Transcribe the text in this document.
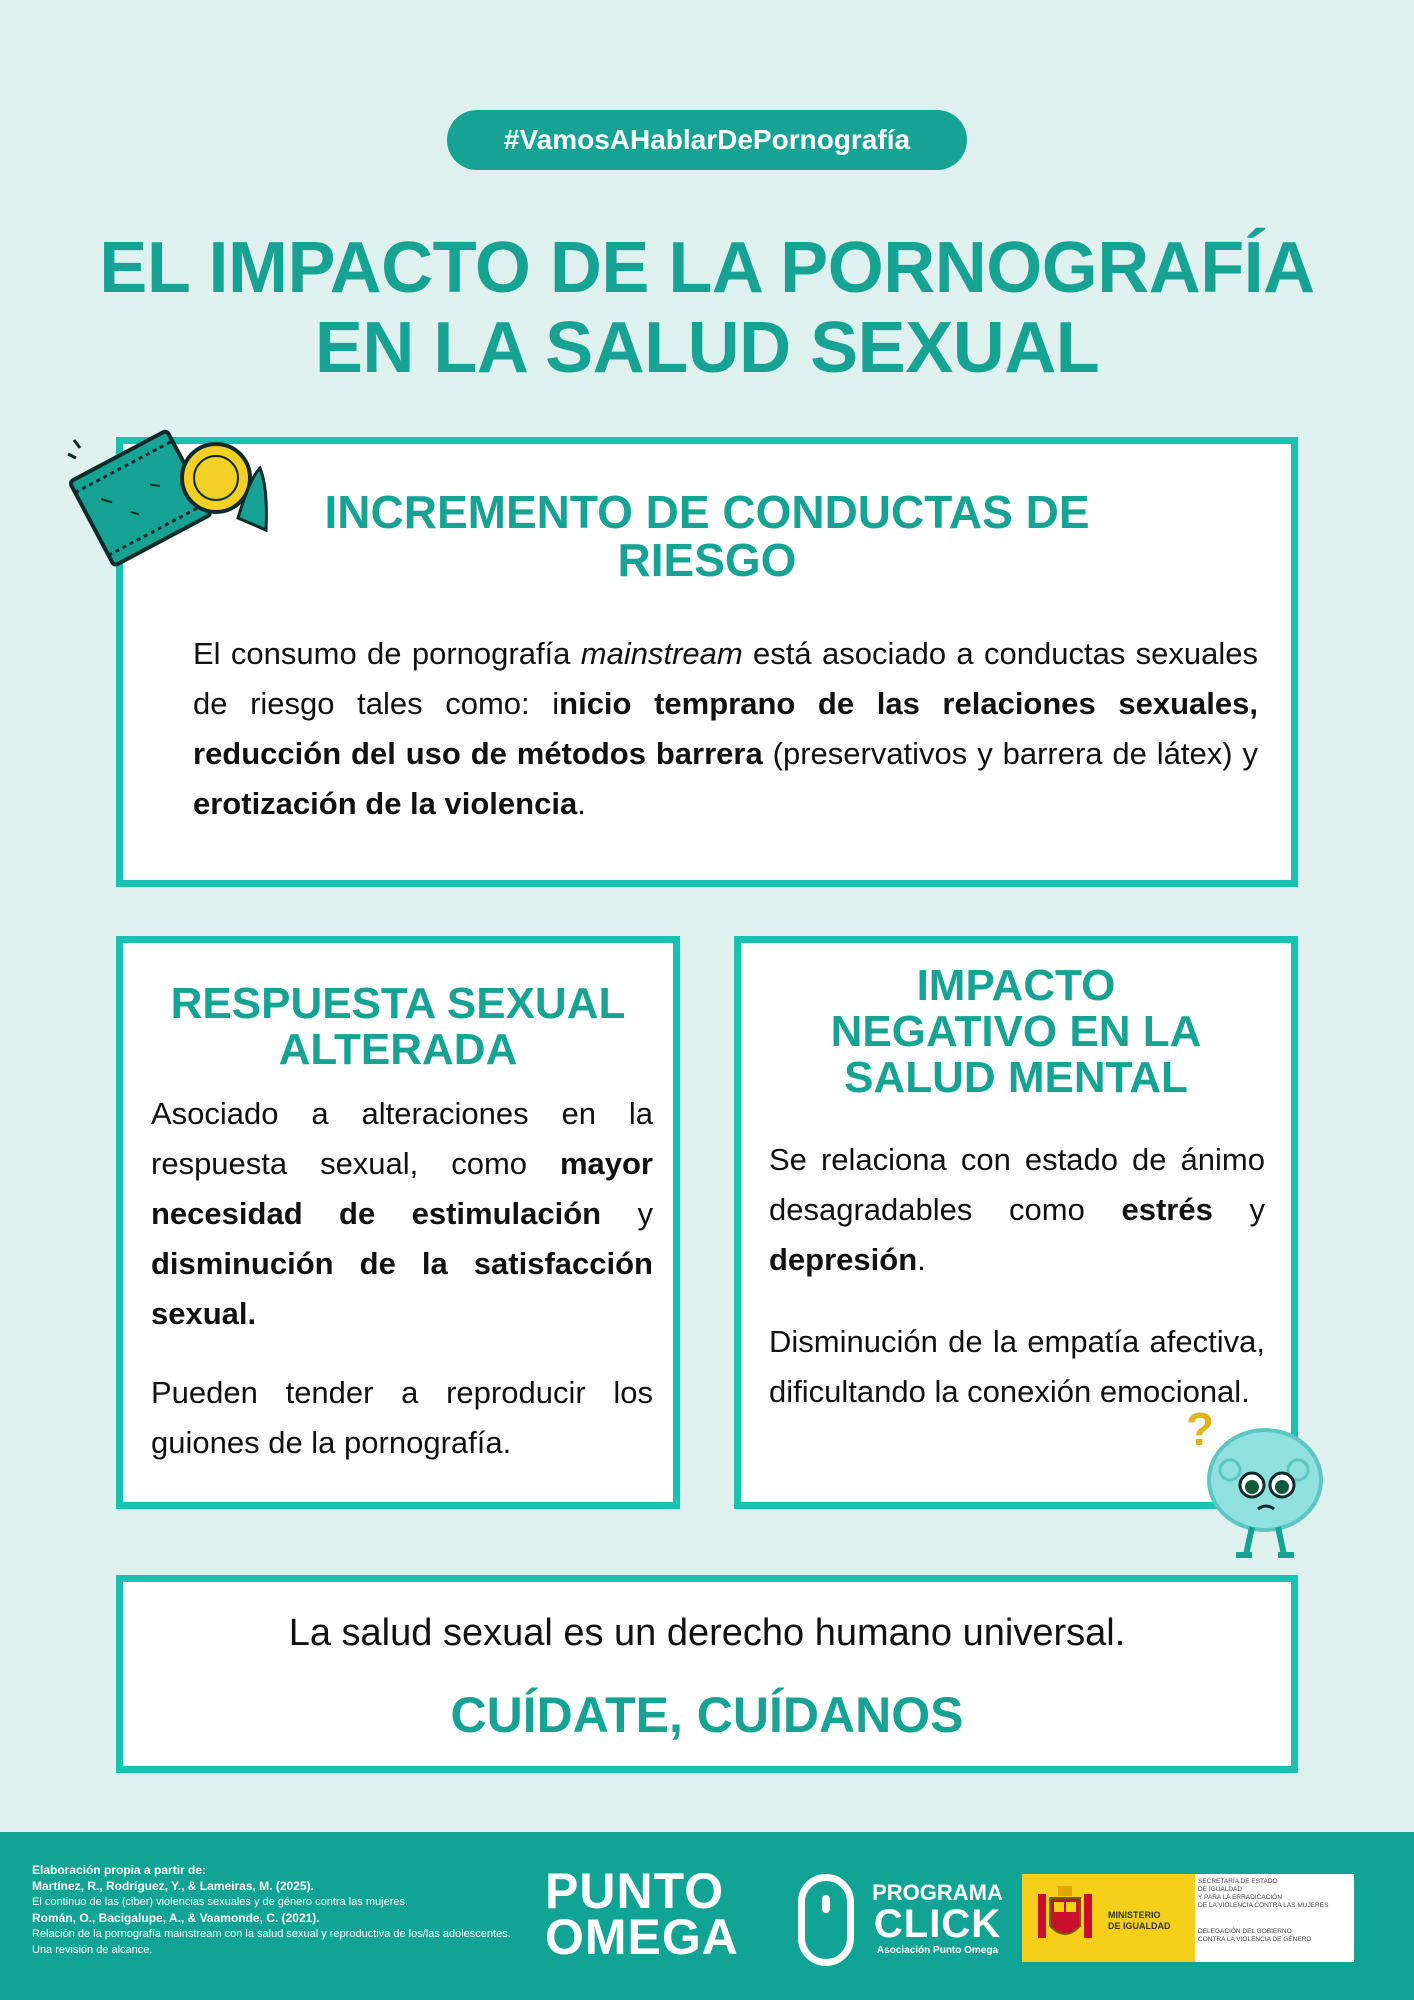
#VamosAHablarDePornografía
EL IMPACTO DE LA PORNOGRAFÍA
EN LA SALUD SEXUAL
INCREMENTO DE CONDUCTAS DE
RIESGO

El consumo de pornografía mainstream está asociado a conductas sexuales de riesgo tales como: inicio temprano de las relaciones sexuales, reducción del uso de métodos barrera (preservativos y barrera de látex) y erotización de la violencia.

RESPUESTA SEXUAL
ALTERADA

Asociado a alteraciones en la respuesta sexual, como mayor necesidad de estimulación y disminución de la satisfacción sexual.

Pueden tender a reproducir los guiones de la pornografía.

IMPACTO
NEGATIVO EN LA
SALUD MENTAL

Se relaciona con estado de ánimo desagradables como estrés y depresión.

Disminución de la empatía afectiva, dificultando la conexión emocional.

?
La salud sexual es un derecho humano universal.
CUÍDATE, CUÍDANOS
Elaboración propia a partir de:
Martínez, R., Rodríguez, Y., & Lameiras, M. (2025).
El continuo de las (ciber) violencias sexuales y de género contra las mujeres.
Román, O., Bacigalupe, A., & Vaamonde, C. (2021).
Relación de la pornografía mainstream con la salud sexual y reproductiva de los/las adolescentes. Una revisión de alcance.
PUNTO
OMEGA
PROGRAMA
CLICK
Asociación Punto Omega
MINISTERIO
DE IGUALDAD
SECRETARÍA DE ESTADO
DE IGUALDAD
Y PARA LA ERRADICACIÓN
DE LA VIOLENCIA CONTRA LAS MUJERES
DELEGACIÓN DEL GOBIERNO
CONTRA LA VIOLENCIA DE GÉNERO
